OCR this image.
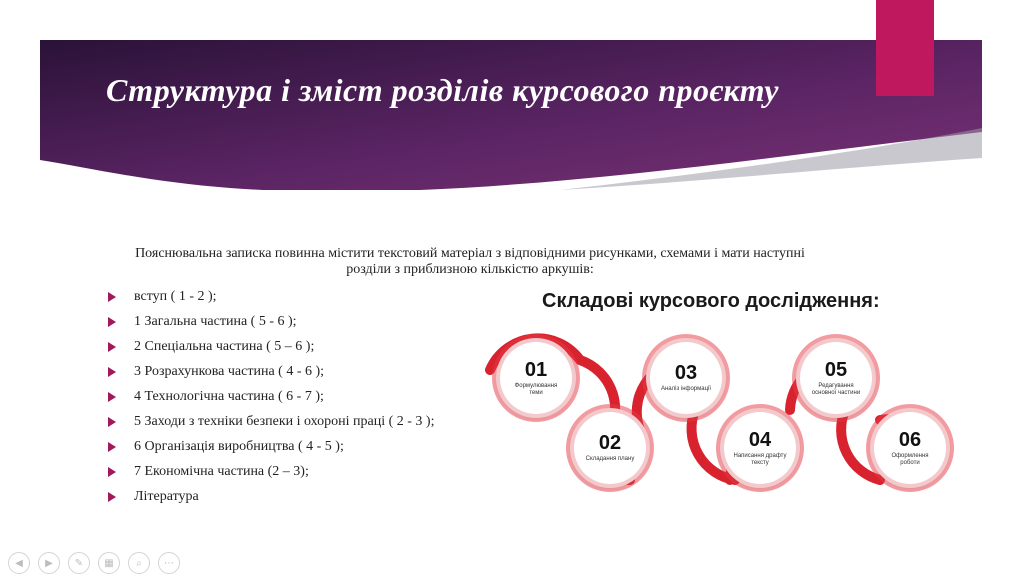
Структура і зміст розділів курсового проєкту
Пояснювальна записка повинна містити текстовий матеріал з відповідними рисунками, схемами і мати наступні
розділи з приблизною кількістю аркушів:
вступ ( 1 - 2 );
1 Загальна частина ( 5 - 6 );
2 Спеціальна частина ( 5 – 6 );
3 Розрахункова частина ( 4 - 6 );
4 Технологічна частина ( 6 - 7 );
5 Заходи з техніки безпеки і охороні праці ( 2 - 3 );
6 Організація виробництва ( 4 - 5 );
7 Економічна частина (2 – 3);
Література
Складові курсового дослідження:
01
Формулювання теми
02
Складання плану
03
Аналіз інформації
04
Написання драфту тексту
05
Редагування основної частини
06
Оформлення роботи
◀	▶	✎	▦	⌕	⋯
